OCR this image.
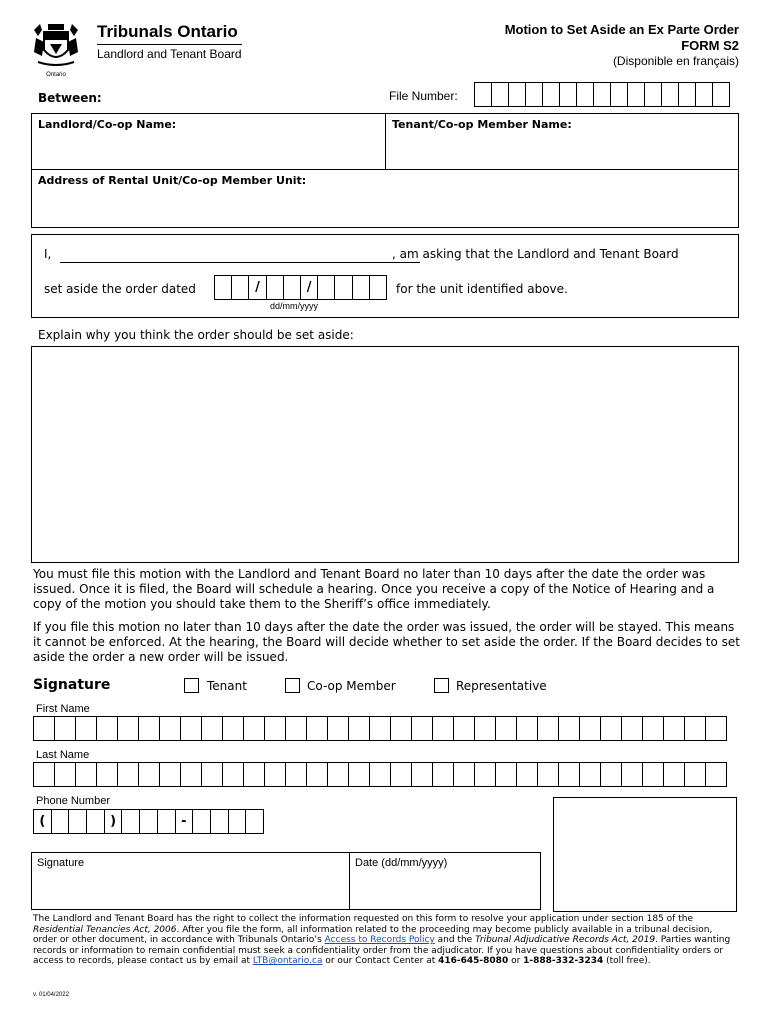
Ontario
Tribunals Ontario
Landlord and Tenant Board
Motion to Set Aside an Ex Parte Order
FORM S2
(Disponible en français)
Between:	File Number:
Landlord/Co-op Name:	Tenant/Co-op Member Name:
Address of Rental Unit/Co-op Member Unit:
I,	, am asking that the Landlord and Tenant Board
set aside the order dated	/	/
dd/mm/yyyy
for the unit identified above.
Explain why you think the order should be set aside:
You must file this motion with the Landlord and Tenant Board no later than 10 days after the date the order was issued. Once it is filed, the Board will schedule a hearing. Once you receive a copy of the Notice of Hearing and a copy of the motion you should take them to the Sheriff’s office immediately.
If you file this motion no later than 10 days after the date the order was issued, the order will be stayed. This means it cannot be enforced. At the hearing, the Board will decide whether to set aside the order. If the Board decides to set aside the order a new order will be issued.
Signature	Tenant	Co-op Member	Representative
First Name
Last Name
Phone Number
(	)	-
Signature	Date (dd/mm/yyyy)
The Landlord and Tenant Board has the right to collect the information requested on this form to resolve your application under section 185 of the Residential Tenancies Act, 2006. After you file the form, all information related to the proceeding may become publicly available in a tribunal decision, order or other document, in accordance with Tribunals Ontario’s Access to Records Policy and the Tribunal Adjudicative Records Act, 2019. Parties wanting records or information to remain confidential must seek a confidentiality order from the adjudicator. If you have questions about confidentiality orders or access to records, please contact us by email at LTB@ontario.ca or our Contact Center at 416-645-8080 or 1-888-332-3234 (toll free).
v. 01/04/2022
